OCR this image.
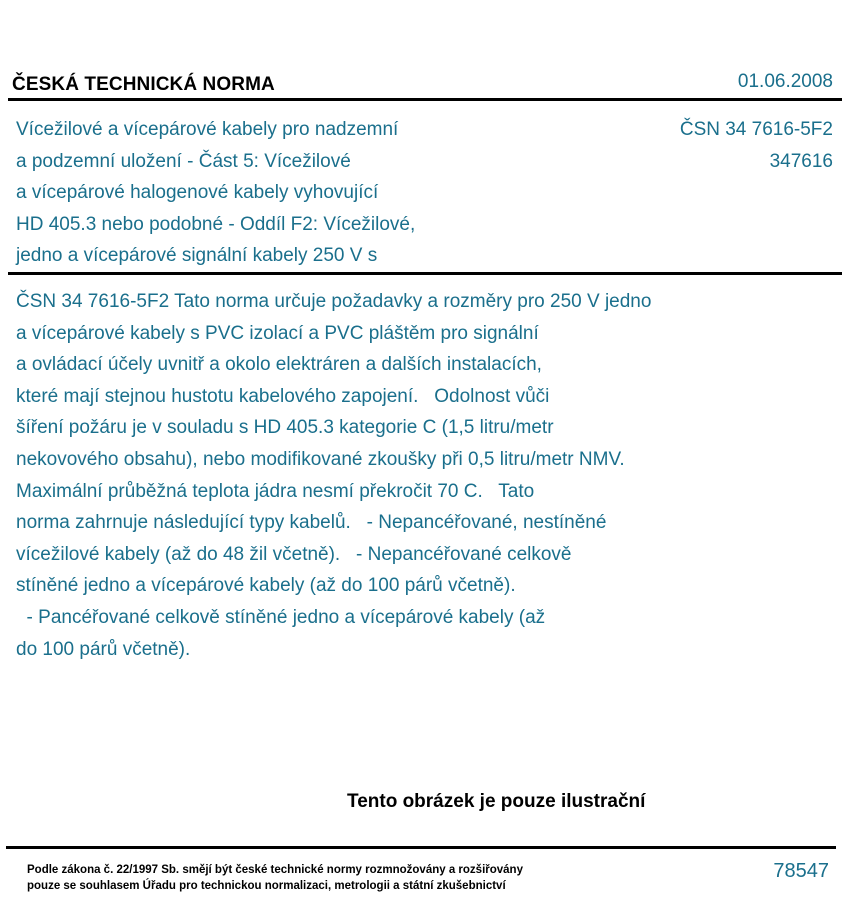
ČESKÁ TECHNICKÁ NORMA	01.06.2008
Vícežilové a vícepárové kabely pro nadzemní
a podzemní uložení - Část 5: Vícežilové
a vícepárové halogenové kabely vyhovující
HD 405.3 nebo podobné - Oddíl F2: Vícežilové,
jedno a vícepárové signální kabely 250 V s
ČSN 34 7616-5F2
347616
ČSN 34 7616-5F2 Tato norma určuje požadavky a rozměry pro 250 V jedno
a vícepárové kabely s PVC izolací a PVC pláštěm pro signální
a ovládací účely uvnitř a okolo elektráren a dalších instalacích,
které mají stejnou hustotu kabelového zapojení.   Odolnost vůči
šíření požáru je v souladu s HD 405.3 kategorie C (1,5 litru/metr
nekovového obsahu), nebo modifikované zkoušky při 0,5 litru/metr NMV.
Maximální průběžná teplota jádra nesmí překročit 70 C.   Tato
norma zahrnuje následující typy kabelů.   - Nepancéřované, nestíněné
vícežilové kabely (až do 48 žil včetně).   - Nepancéřované celkově
stíněné jedno a vícepárové kabely (až do 100 párů včetně).
- Pancéřované celkově stíněné jedno a vícepárové kabely (až
do 100 párů včetně).
Tento obrázek je pouze ilustrační
Podle zákona č. 22/1997 Sb. smějí být české technické normy rozmnožovány a rozšiřovány
pouze se souhlasem Úřadu pro technickou normalizaci, metrologii a státní zkušebnictví
78547
